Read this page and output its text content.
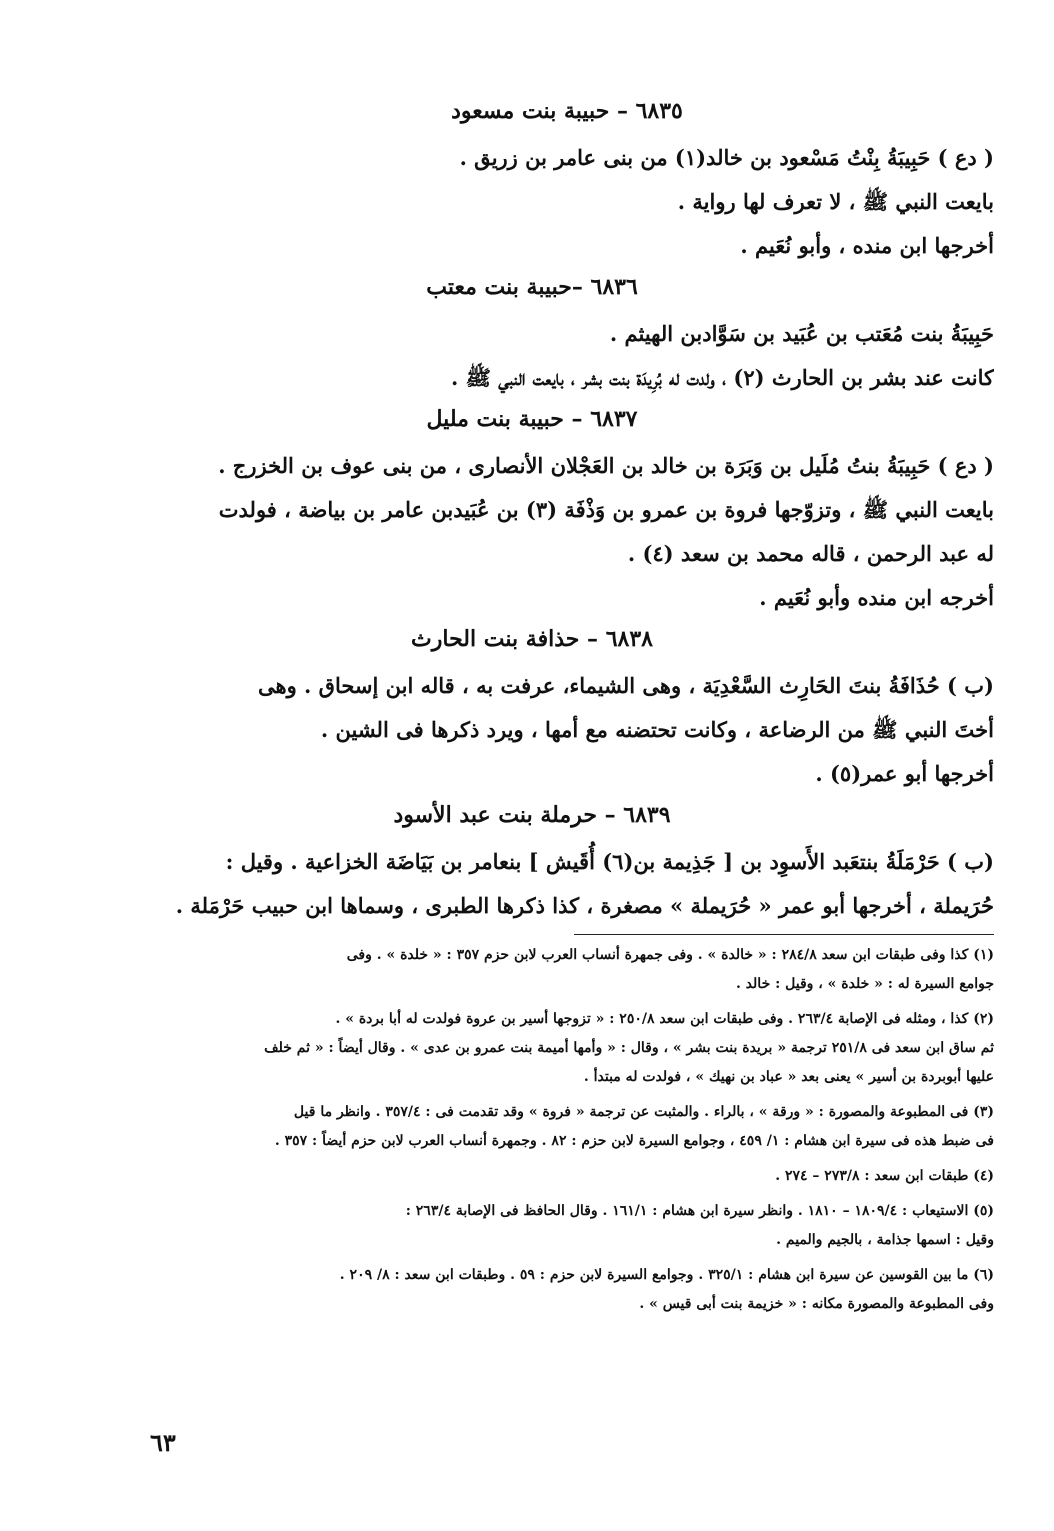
٦٨٣٥ – حبيبة بنت مسعود
( دع ) حَبِيبَةُ بِنْتُ مَسْعود بن خالد(١) من بنى عامر بن زريق .
بايعت النبي ﷺ ، لا تعرف لها رواية .
أخرجها ابن منده ، وأبو نُعَيم .
٦٨٣٦ –حبيبة بنت معتب
حَبِيبَةُ بنت مُعَتب بن عُبَيد بن سَوَّادبن الهيثم .
كانت عند بشر بن الحارث (٢) ، ولدت له بُرِيدَة بنت بشر ، بايعت النبي ﷺ .
٦٨٣٧ – حبيبة بنت مليل
( دع ) حَبِيبَةُ بنتُ مُلَيل بن وَبَرَة بن خالد بن العَجْلان الأنصارى ، من بنى عوف بن الخزرج .
بايعت النبي ﷺ ، وتزوّجها فروة بن عمرو بن وَذْفَة (٣) بن عُبَيدبن عامر بن بياضة ، فولدت
له عبد الرحمن ، قاله محمد بن سعد (٤) .
أخرجه ابن منده وأبو نُعَيم .
٦٨٣٨ – حذافة بنت الحارث
(ب ) حُذَافَةُ بنتَ الحَارِث السَّعْدِيَة ، وهى الشيماء، عرفت به ، قاله ابن إسحاق . وهى
أختَ النبي ﷺ من الرضاعة ، وكانت تحتضنه مع أمها ، ويرد ذكرها فى الشين .
أخرجها أبو عمر(٥) .
٦٨٣٩ – حرملة بنت عبد الأسود
(ب ) حَرْمَلَةُ بنتعَبد الأَسوِد بن [ جَذِيمة بن(٦) أُقَيش ] بنعامر بن بَيَاضَة الخزاعية . وقيل :
حُرَيملة ، أخرجها أبو عمر « حُرَيملة » مصغرة ، كذا ذكرها الطبرى ، وسماها ابن حبيب حَرْمَلة .
(١) كذا وفى طبقات ابن سعد ٢٨٤/٨ : « خالدة » . وفى جمهرة أنساب العرب لابن حزم ٣٥٧ : « خلدة » . وفى
جوامع السيرة له : « خلدة » ، وقيل : خالد .
(٢) كذا ، ومثله فى الإصابة ٢٦٣/٤ . وفى طبقات ابن سعد ٢٥٠/٨ : « تزوجها أسير بن عروة فولدت له أبا بردة » .
ثم ساق ابن سعد فى ٢٥١/٨ ترجمة « بريدة بنت بشر » ، وقال : « وأمها أميمة بنت عمرو بن عدى » . وقال أيضاً : « ثم خلف
عليها أبوبردة بن أسير » يعنى بعد « عباد بن نهيك » ، فولدت له مبتدأ .
(٣) فى المطبوعة والمصورة : « ورقة » ، بالراء . والمثبت عن ترجمة « فروة » وقد تقدمت فى : ٣٥٧/٤ . وانظر ما قيل
فى ضبط هذه فى سيرة ابن هشام : ١/ ٤٥٩ ، وجوامع السيرة لابن حزم : ٨٢ . وجمهرة أنساب العرب لابن حزم أيضاً : ٣٥٧ .
(٤) طبقات ابن سعد : ٢٧٣/٨ – ٢٧٤ .
(٥) الاستيعاب : ١٨٠٩/٤ – ١٨١٠ . وانظر سيرة ابن هشام : ١٦١/١ . وقال الحافظ فى الإصابة ٢٦٣/٤ :
وقيل : اسمها جذامة ، بالجيم والميم .
(٦) ما بين القوسين عن سيرة ابن هشام : ٣٢٥/١ . وجوامع السيرة لابن حزم : ٥٩ . وطبقات ابن سعد : ٨/ ٢٠٩ .
وفى المطبوعة والمصورة مكانه : « خزيمة بنت أبى قيس » .
٦٣
